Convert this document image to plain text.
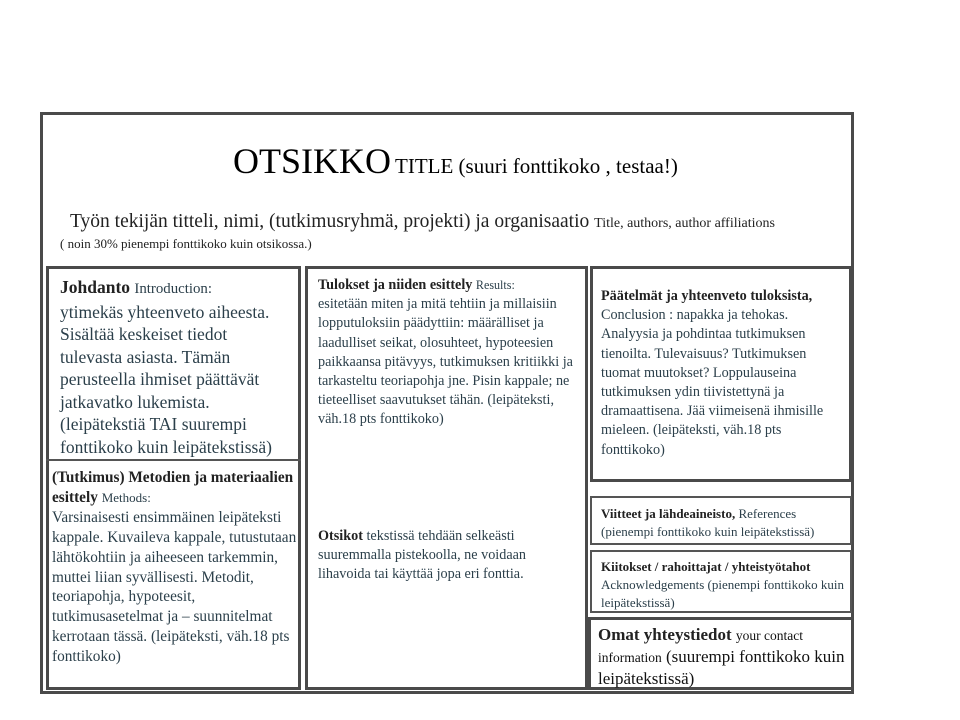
OTSIKKO TITLE (suuri fonttikoko , testaa!)
Työn tekijän titteli, nimi, (tutkimusryhmä, projekti) ja organisaatio Title, authors, author affiliations
( noin 30% pienempi fonttikoko kuin otsikossa.)

Johdanto Introduction:

ytimekäs yhteenveto aiheesta. Sisältää keskeiset tiedot tulevasta asiasta. Tämän perusteella ihmiset päättävät jatkavatko lukemista. (leipätekstiä TAI suurempi fonttikoko kuin leipätekstissä)

(Tutkimus) Metodien ja materiaalien esittely Methods:

Varsinaisesti ensimmäinen leipäteksti kappale. Kuvaileva kappale, tutustutaan lähtökohtiin ja aiheeseen tarkemmin, muttei liian syvällisesti. Metodit, teoriapohja, hypoteesit, tutkimusasetelmat ja – suunnitelmat kerrotaan tässä. (leipäteksti, väh.18 pts fonttikoko)

Tulokset ja niiden esittely Results:

esitetään miten ja mitä tehtiin ja millaisiin lopputuloksiin päädyttiin: määrälliset ja laadulliset seikat, olosuhteet, hypoteesien paikkaansa pitävyys, tutkimuksen kritiikki ja tarkasteltu teoriapohja jne. Pisin kappale; ne tieteelliset saavutukset tähän. (leipäteksti, väh.18 pts fonttikoko)

Otsikot tekstissä tehdään selkeästi suuremmalla pistekoolla, ne voidaan lihavoida tai käyttää jopa eri fonttia.

Päätelmät ja yhteenveto tuloksista,

Conclusion : napakka ja tehokas. Analyysia ja pohdintaa tutkimuksen tienoilta. Tulevaisuus? Tutkimuksen tuomat muutokset? Loppulauseina tutkimuksen ydin tiivistettynä ja dramaattisena. Jää viimeisenä ihmisille mieleen. (leipäteksti, väh.18 pts fonttikoko)

Viitteet ja lähdeaineisto, References

(pienempi fonttikoko kuin leipätekstissä)

Kiitokset / rahoittajat / yhteistyötahot

Acknowledgements (pienempi fonttikoko kuin leipätekstissä)

Omat yhteystiedot your contact information (suurempi fonttikoko kuin leipätekstissä)
